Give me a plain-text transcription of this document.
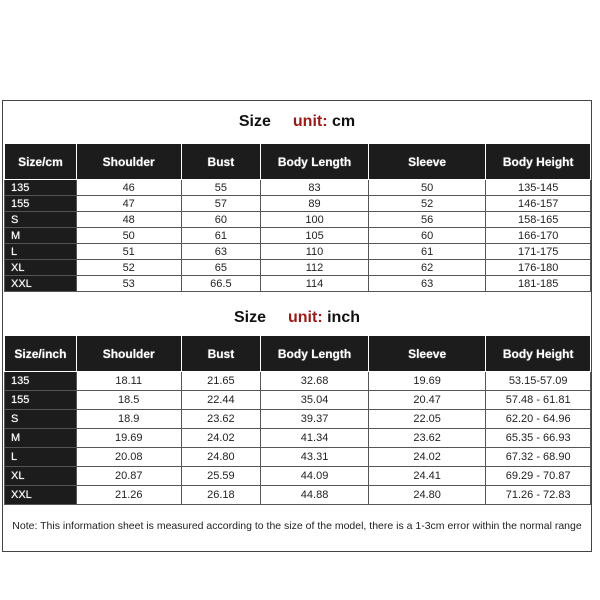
Size unit: cm
Size/cm	Shoulder	Bust	Body Length	Sleeve	Body Height
135	46	55	83	50	135-145
155	47	57	89	52	146-157
S	48	60	100	56	158-165
M	50	61	105	60	166-170
L	51	63	110	61	171-175
XL	52	65	112	62	176-180
XXL	53	66.5	114	63	181-185
Size unit: inch
Size/inch	Shoulder	Bust	Body Length	Sleeve	Body Height
135	18.11	21.65	32.68	19.69	53.15-57.09
155	18.5	22.44	35.04	20.47	57.48 - 61.81
S	18.9	23.62	39.37	22.05	62.20 - 64.96
M	19.69	24.02	41.34	23.62	65.35 - 66.93
L	20.08	24.80	43.31	24.02	67.32 - 68.90
XL	20.87	25.59	44.09	24.41	69.29 - 70.87
XXL	21.26	26.18	44.88	24.80	71.26 - 72.83
Note: This information sheet is measured according to the size of the model, there is a 1-3cm error within the normal range
